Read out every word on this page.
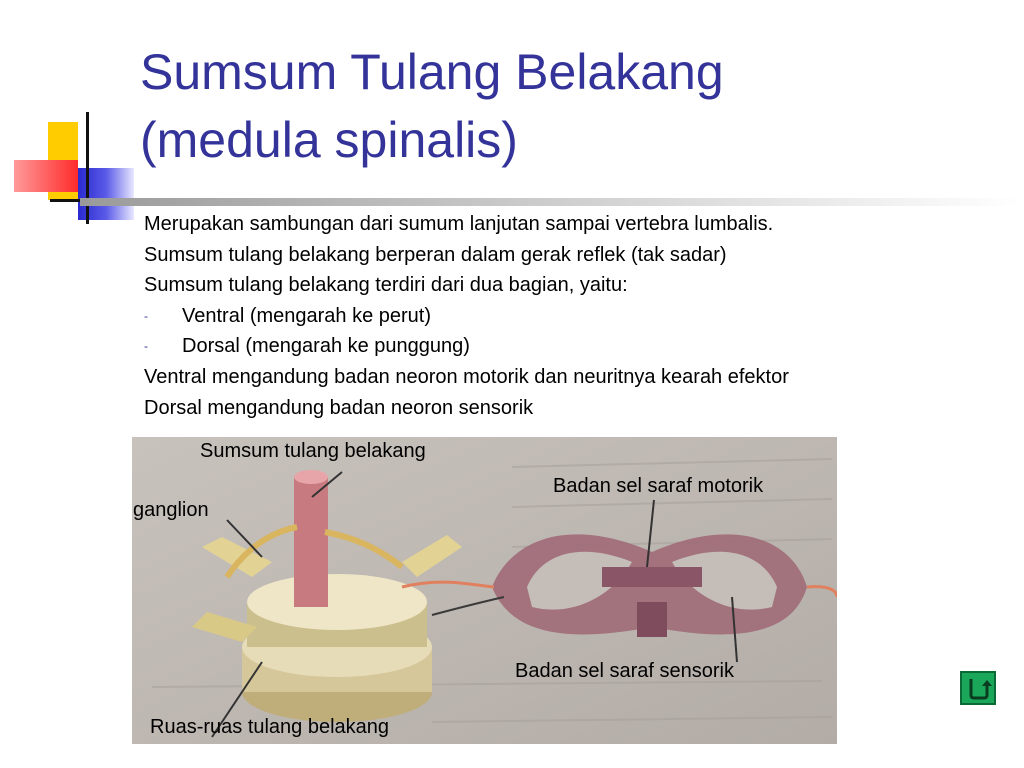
Sumsum Tulang Belakang
(medula spinalis)
Merupakan sambungan dari sumum lanjutan sampai vertebra lumbalis.
Sumsum tulang belakang berperan dalam gerak reflek (tak sadar)
Sumsum tulang belakang terdiri dari dua bagian, yaitu:
- Ventral (mengarah ke perut)
- Dorsal (mengarah ke punggung)
Ventral mengandung badan neoron motorik dan neuritnya kearah efektor
Dorsal mengandung badan neoron sensorik
Sumsum tulang belakang
Badan sel saraf motorik
ganglion
Badan sel saraf sensorik
Ruas-ruas tulang belakang
